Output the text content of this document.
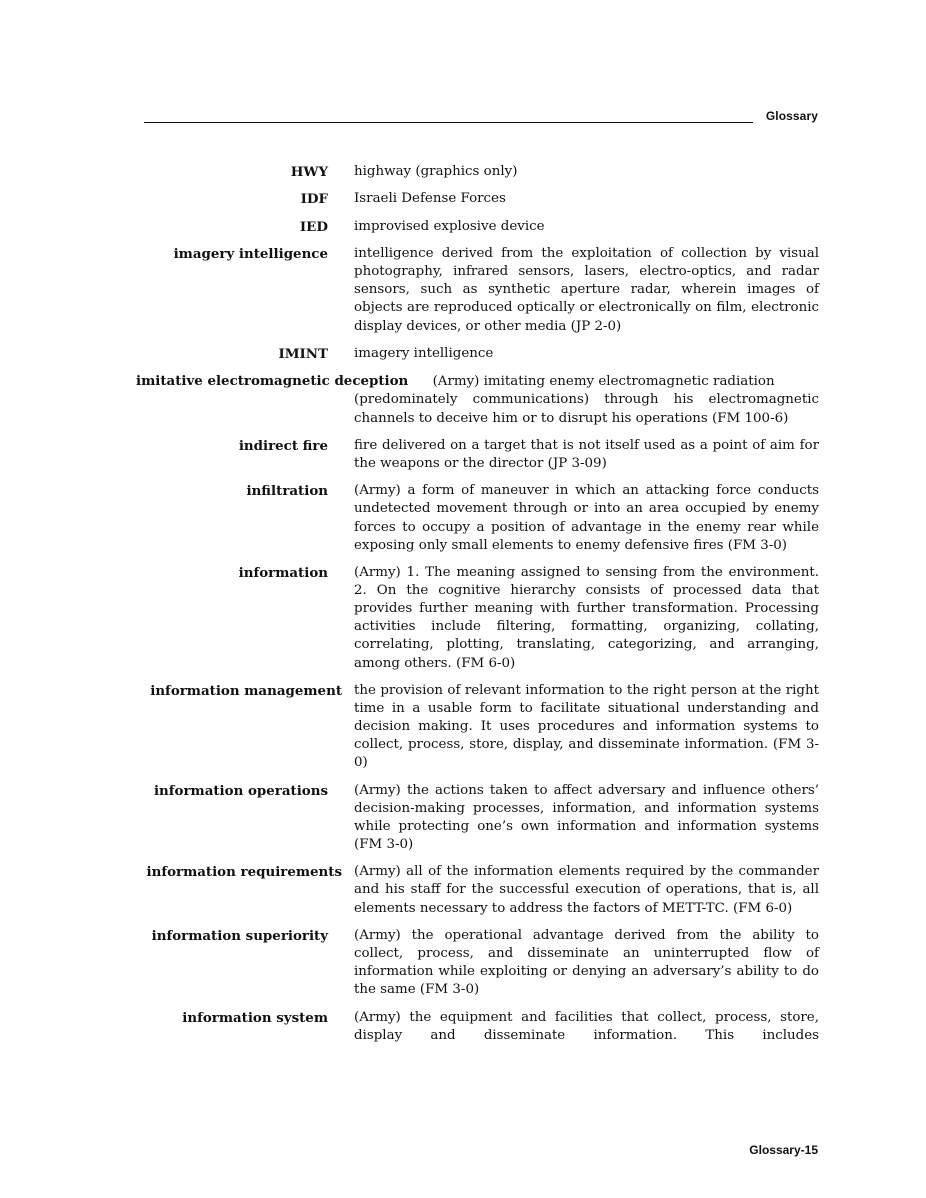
Glossary
HWY highway (graphics only)
IDF Israeli Defense Forces
IED improvised explosive device
imagery intelligence intelligence derived from the exploitation of collection by visual photography, infrared sensors, lasers, electro-optics, and radar sensors, such as synthetic aperture radar, wherein images of objects are reproduced optically or electronically on film, electronic display devices, or other media (JP 2-0)
IMINT imagery intelligence
imitative electromagnetic deception (Army) imitating enemy electromagnetic radiation
(predominately communications) through his electromagnetic channels to deceive him or to disrupt his operations (FM 100-6)
indirect fire fire delivered on a target that is not itself used as a point of aim for the weapons or the director (JP 3-09)
infiltration (Army) a form of maneuver in which an attacking force conducts undetected movement through or into an area occupied by enemy forces to occupy a position of advantage in the enemy rear while exposing only small elements to enemy defensive fires (FM 3-0)
information (Army) 1. The meaning assigned to sensing from the environment. 2. On the cognitive hierarchy consists of processed data that provides further meaning with further transformation. Processing activities include filtering, formatting, organizing, collating, correlating, plotting, translating, categorizing, and arranging, among others. (FM 6-0)
information management the provision of relevant information to the right person at the right time in a usable form to facilitate situational understanding and decision making. It uses procedures and information systems to collect, process, store, display, and disseminate information. (FM 3-0)
information operations (Army) the actions taken to affect adversary and influence others’ decision-making processes, information, and information systems while protecting one’s own information and information systems (FM 3-0)
information requirements (Army) all of the information elements required by the commander and his staff for the successful execution of operations, that is, all elements necessary to address the factors of METT-TC. (FM 6-0)
information superiority (Army) the operational advantage derived from the ability to collect, process, and disseminate an uninterrupted flow of information while exploiting or denying an adversary’s ability to do the same (FM 3-0)
information system (Army) the equipment and facilities that collect, process, store, display and disseminate information. This includes
Glossary-15
